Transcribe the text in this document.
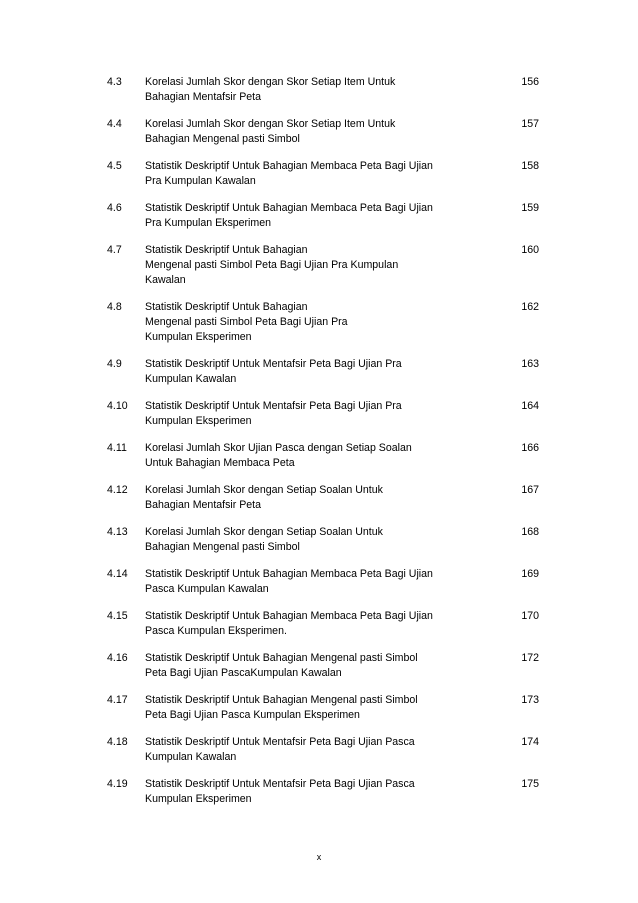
4.3	Korelasi Jumlah Skor dengan Skor Setiap Item Untuk
Bahagian Mentafsir Peta
156
4.4	Korelasi Jumlah Skor dengan Skor Setiap Item Untuk
Bahagian Mengenal pasti Simbol
157
4.5	Statistik Deskriptif Untuk Bahagian Membaca Peta Bagi Ujian
Pra Kumpulan Kawalan
158
4.6	Statistik Deskriptif Untuk Bahagian Membaca Peta Bagi Ujian
Pra Kumpulan Eksperimen
159
4.7	Statistik Deskriptif Untuk Bahagian
Mengenal pasti Simbol Peta Bagi Ujian Pra Kumpulan
Kawalan
160
4.8	Statistik Deskriptif Untuk Bahagian
Mengenal pasti Simbol Peta Bagi Ujian Pra
Kumpulan Eksperimen
162
4.9	Statistik Deskriptif Untuk Mentafsir Peta Bagi Ujian Pra
Kumpulan Kawalan
163
4.10	Statistik Deskriptif Untuk Mentafsir Peta Bagi Ujian Pra
Kumpulan Eksperimen
164
4.11	Korelasi Jumlah Skor Ujian Pasca dengan Setiap Soalan
Untuk Bahagian Membaca Peta
166
4.12	Korelasi Jumlah Skor dengan Setiap Soalan Untuk
Bahagian Mentafsir Peta
167
4.13	Korelasi Jumlah Skor dengan Setiap Soalan Untuk
Bahagian Mengenal pasti Simbol
168
4.14	Statistik Deskriptif Untuk Bahagian Membaca Peta Bagi Ujian
Pasca Kumpulan Kawalan
169
4.15	Statistik Deskriptif Untuk Bahagian Membaca Peta Bagi Ujian
Pasca Kumpulan Eksperimen.
170
4.16	Statistik Deskriptif Untuk Bahagian Mengenal pasti Simbol
Peta Bagi Ujian PascaKumpulan Kawalan
172
4.17	Statistik Deskriptif Untuk Bahagian Mengenal pasti Simbol
Peta Bagi Ujian Pasca Kumpulan Eksperimen
173
4.18	Statistik Deskriptif Untuk Mentafsir Peta Bagi Ujian Pasca
Kumpulan Kawalan
174
4.19	Statistik Deskriptif Untuk Mentafsir Peta Bagi Ujian Pasca
Kumpulan Eksperimen
175
x
